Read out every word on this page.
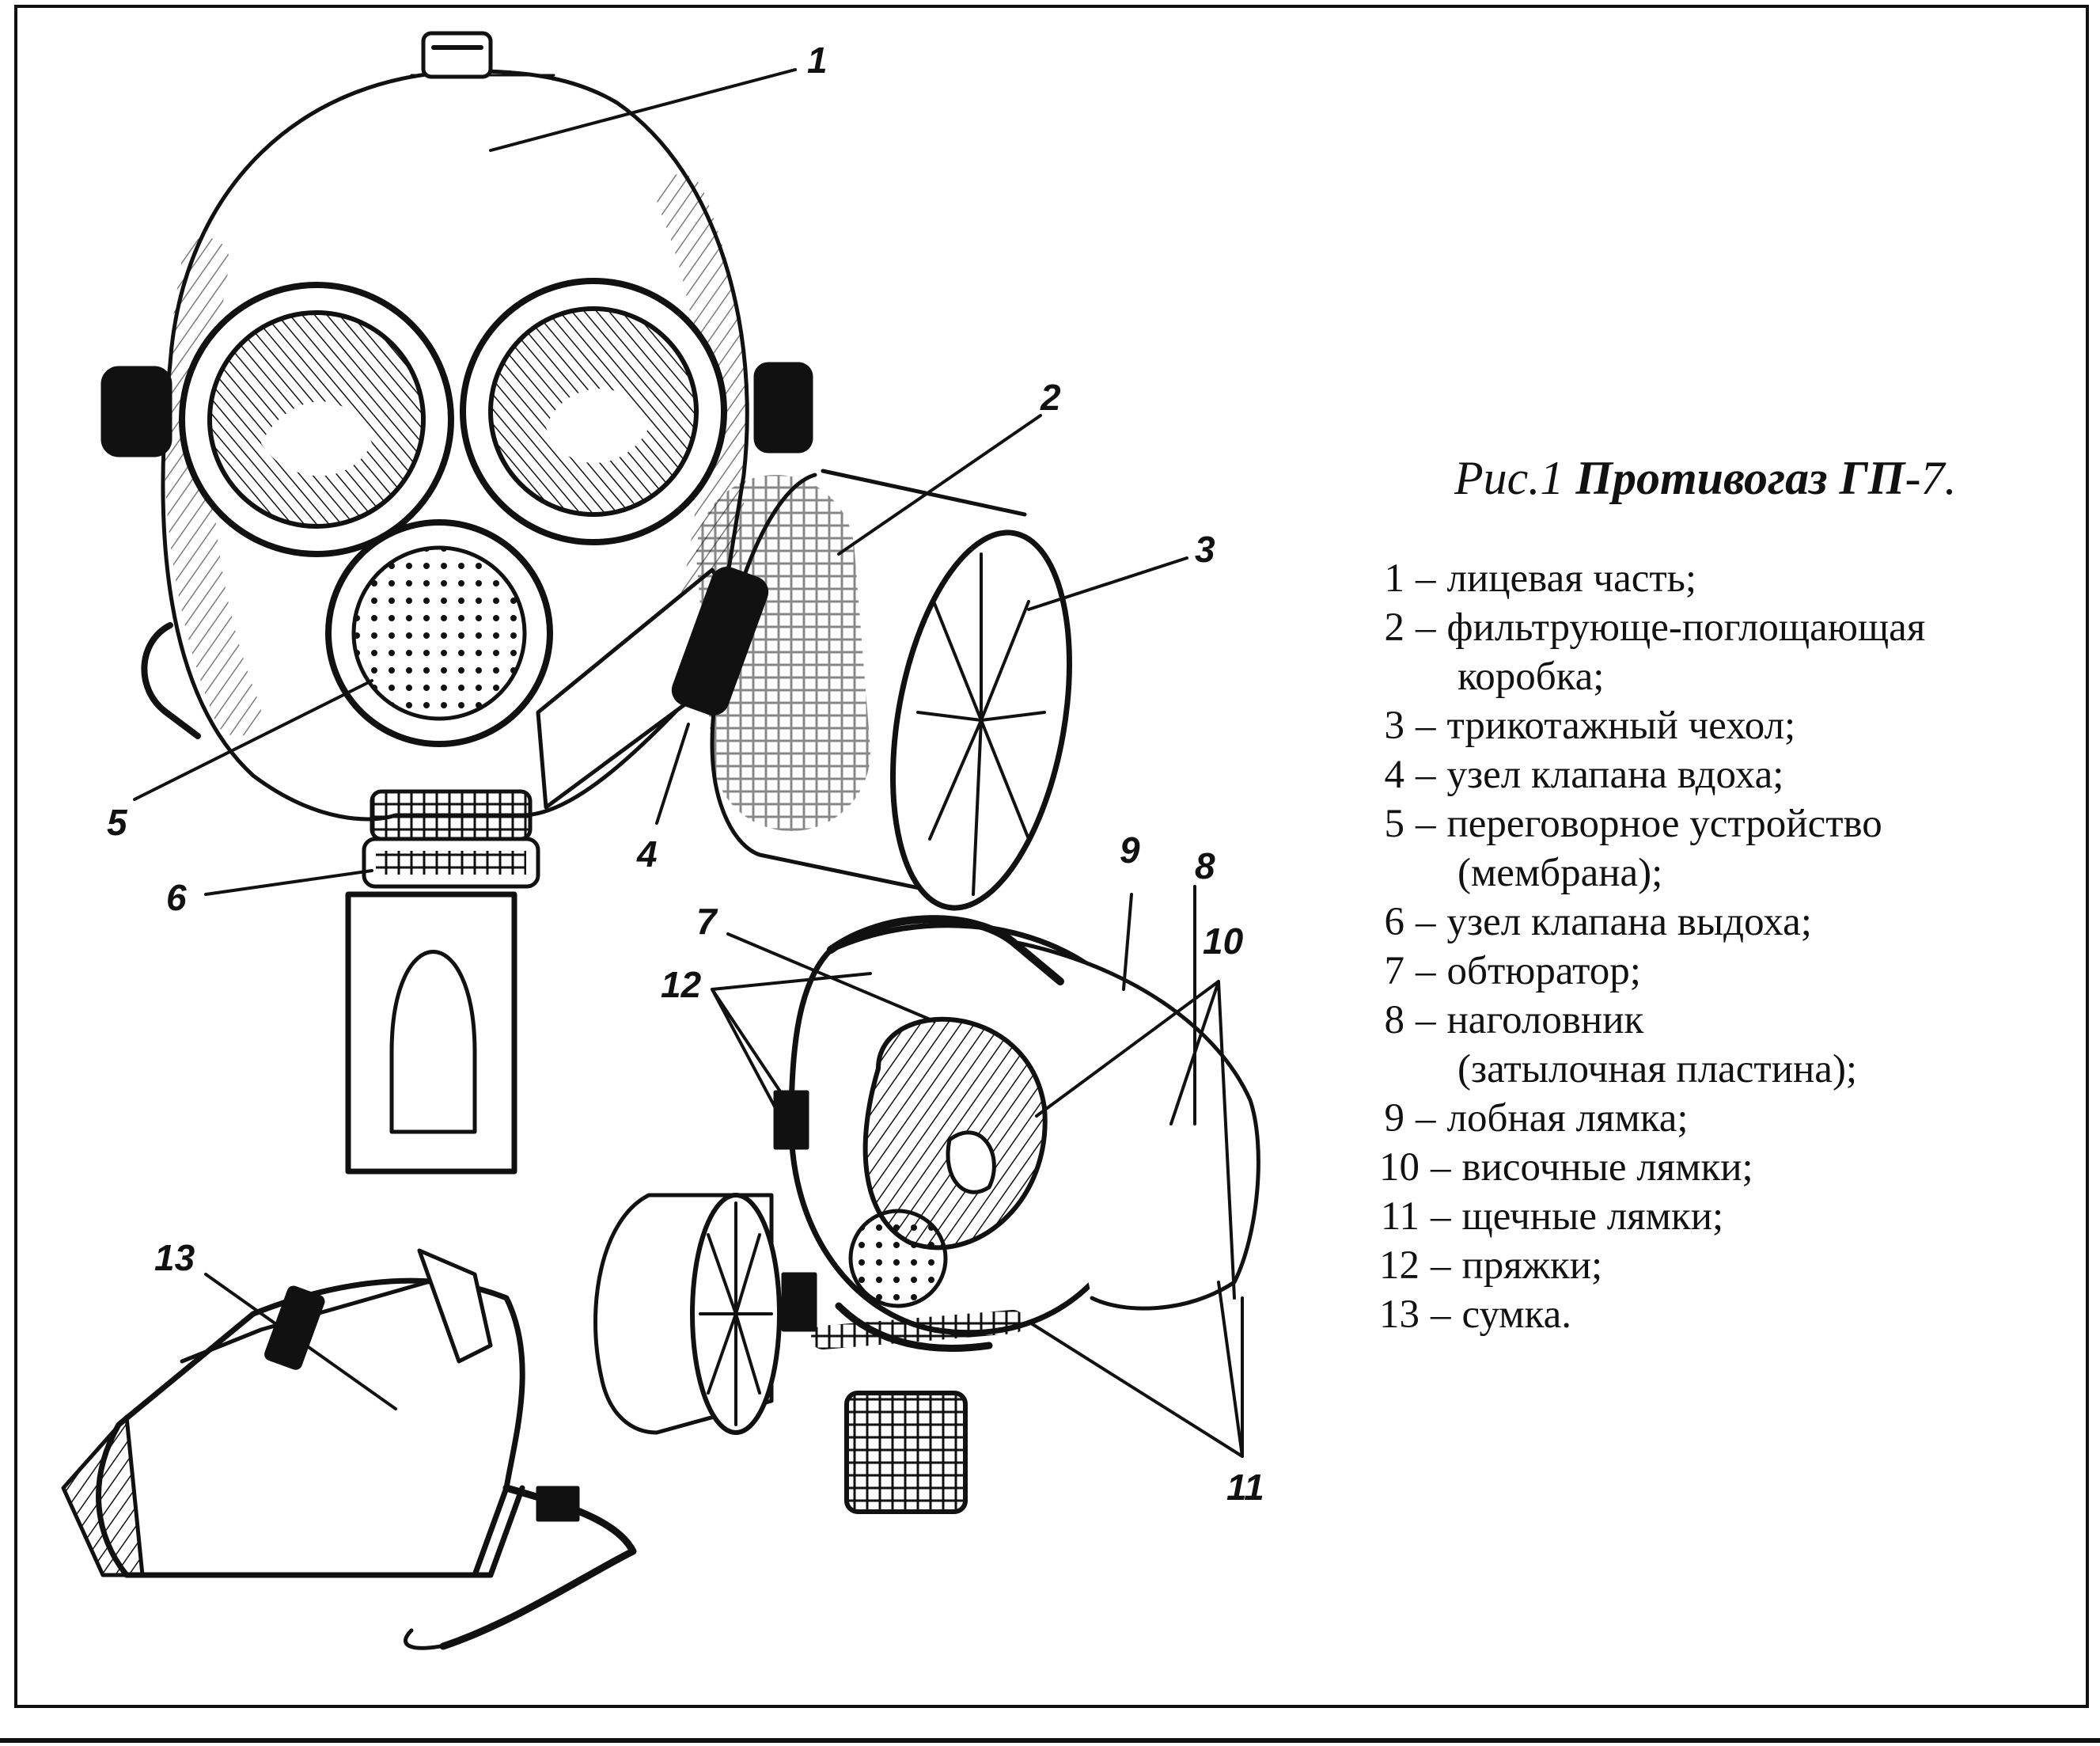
1
2
3
4
5
6
7
8
9
10
11
12
13
Рис.1 Противогаз ГП-7.
1 – лицевая часть;
2 – фильтрующе-поглощающая
коробка;
3 – трикотажный чехол;
4 – узел клапана вдоха;
5 – переговорное устройство
(мембрана);
6 – узел клапана выдоха;
7 – обтюратор;
8 – наголовник
(затылочная пластина);
9 – лобная лямка;
10 – височные лямки;
11 – щечные лямки;
12 – пряжки;
13 – сумка.
